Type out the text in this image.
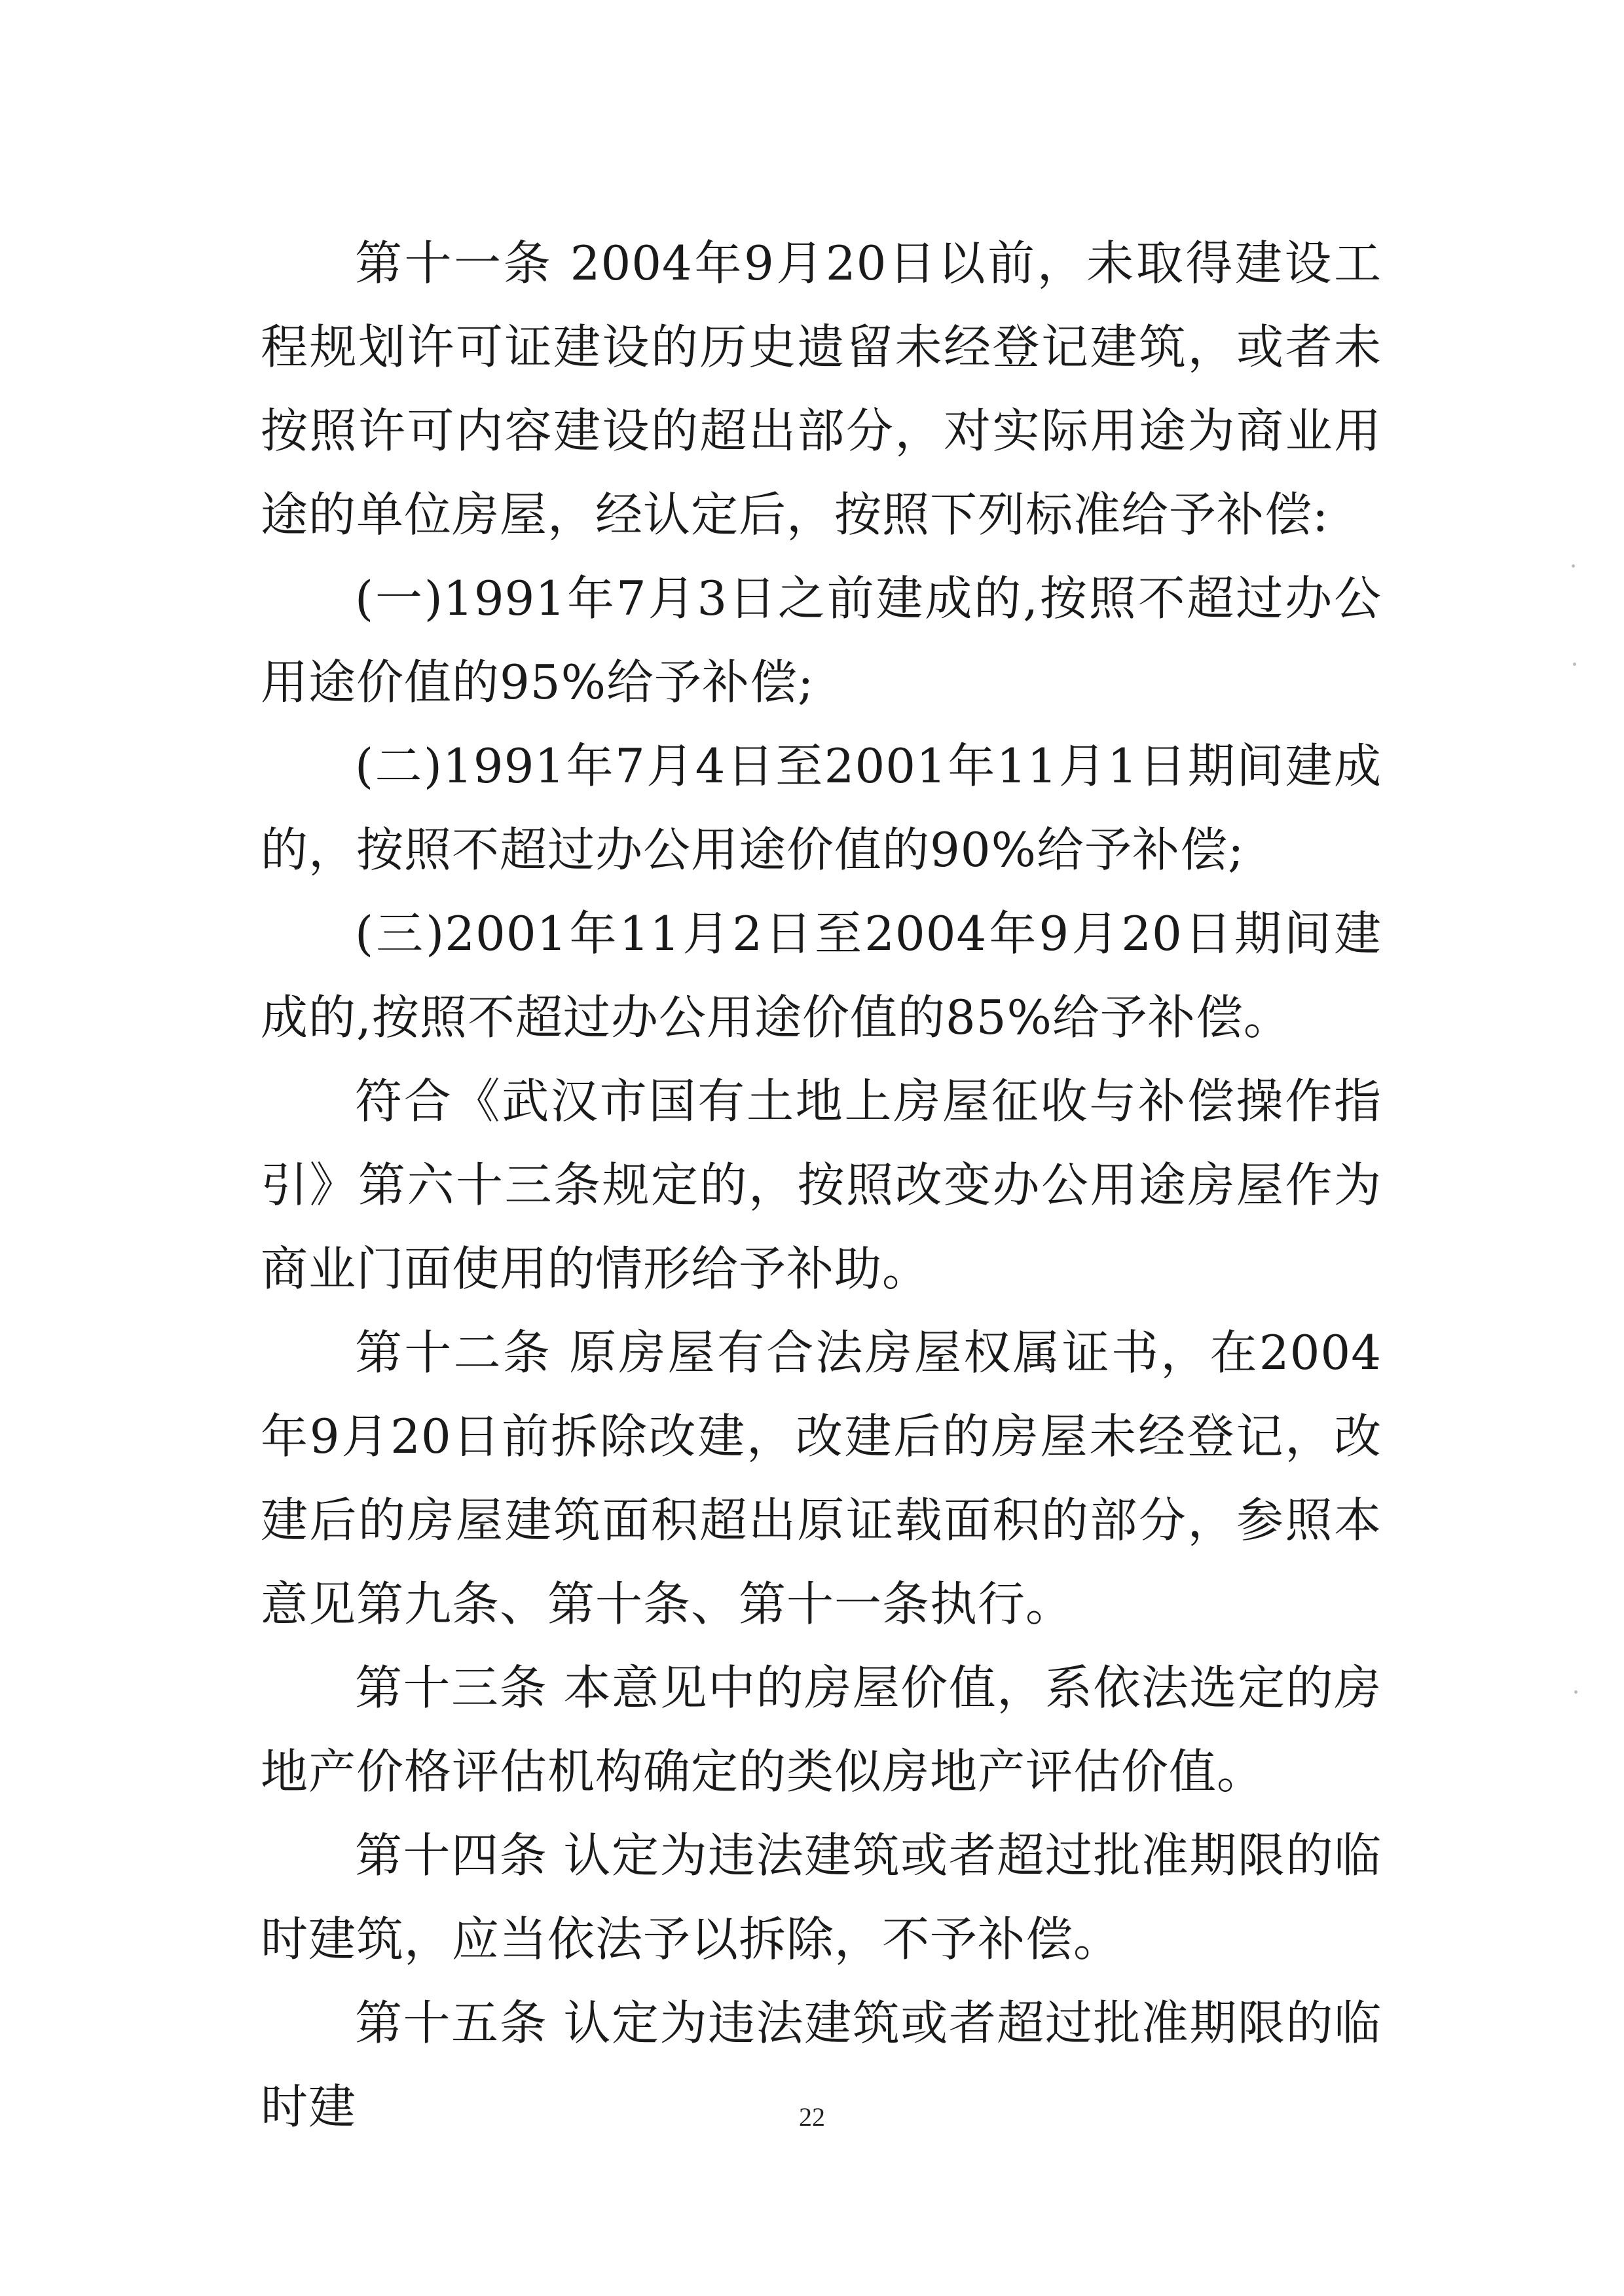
第十一条 2004年9月20日以前，未取得建设工程规划许可证建设的历史遗留未经登记建筑，或者未按照许可内容建设的超出部分，对实际用途为商业用途的单位房屋，经认定后，按照下列标准给予补偿:

(一)1991年7月3日之前建成的,按照不超过办公用途价值的95%给予补偿;

(二)1991年7月4日至2001年11月1日期间建成的，按照不超过办公用途价值的90%给予补偿;

(三)2001年11月2日至2004年9月20日期间建成的,按照不超过办公用途价值的85%给予补偿。

符合《武汉市国有土地上房屋征收与补偿操作指引》第六十三条规定的，按照改变办公用途房屋作为商业门面使用的情形给予补助。

第十二条 原房屋有合法房屋权属证书，在2004年9月20日前拆除改建，改建后的房屋未经登记，改建后的房屋建筑面积超出原证载面积的部分，参照本意见第九条、第十条、第十一条执行。

第十三条 本意见中的房屋价值，系依法选定的房地产价格评估机构确定的类似房地产评估价值。

第十四条 认定为违法建筑或者超过批准期限的临时建筑，应当依法予以拆除，不予补偿。

第十五条 认定为违法建筑或者超过批准期限的临时建	22
